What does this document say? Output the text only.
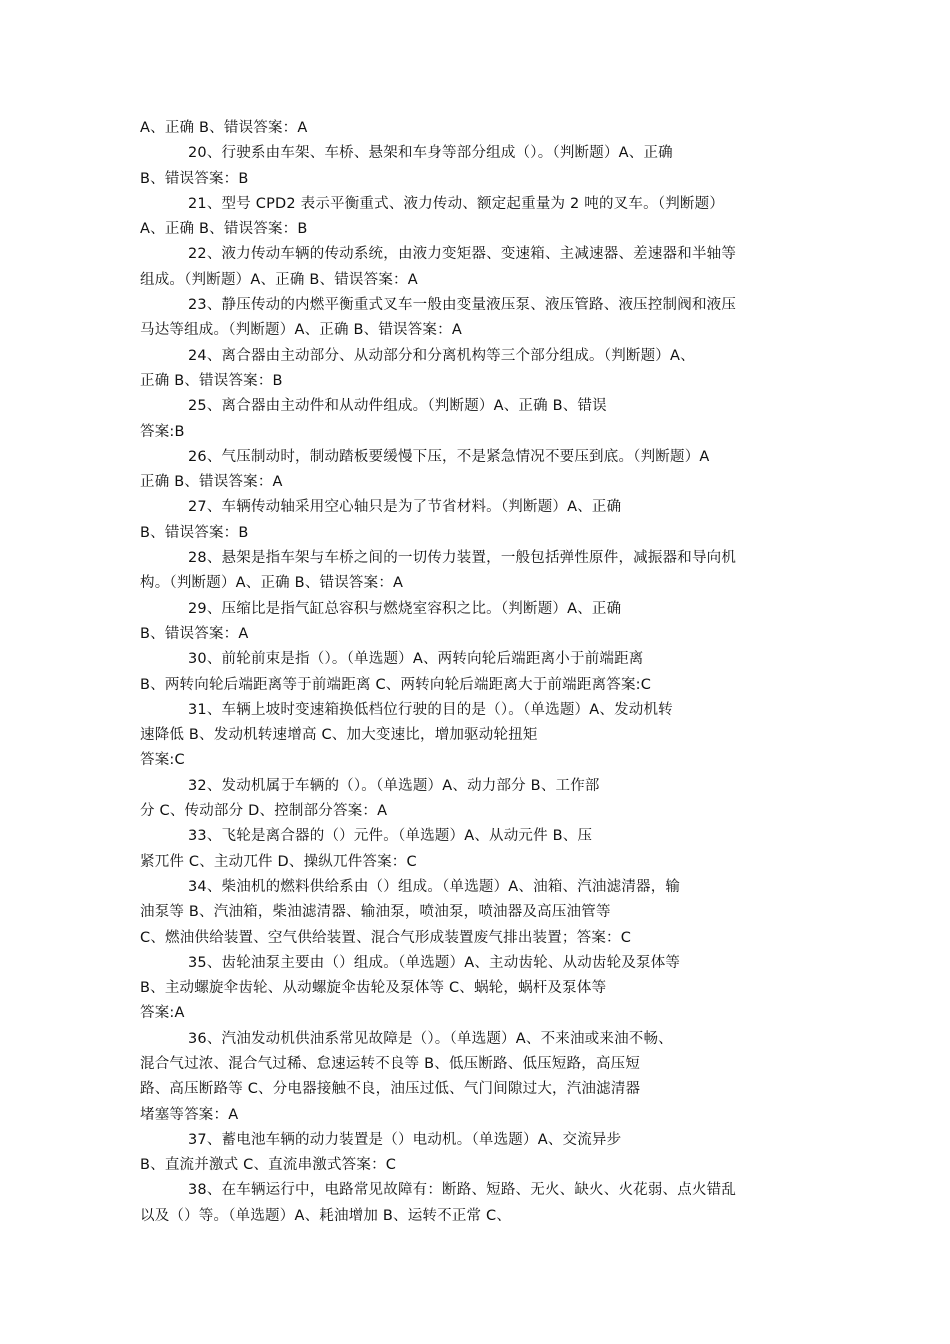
A、正确 B、错误答案：A
20、行驶系由车架、车桥、悬架和车身等部分组成（）。（判断题）A、正确
B、错误答案：B
21、型号 CPD2 表示平衡重式、液力传动、额定起重量为 2 吨的叉车。（判断题）
A、正确 B、错误答案：B
22、液力传动车辆的传动系统，由液力变矩器、变速箱、主减速器、差速器和半轴等
组成。（判断题）A、正确 B、错误答案：A
23、静压传动的内燃平衡重式叉车一般由变量液压泵、液压管路、液压控制阀和液压
马达等组成。（判断题）A、正确 B、错误答案：A
24、离合器由主动部分、从动部分和分离机构等三个部分组成。（判断题）A、
正确 B、错误答案：B
25、离合器由主动件和从动件组成。（判断题）A、正确 B、错误
答案:B
26、气压制动时，制动踏板要缓慢下压，不是紧急情况不要压到底。（判断题）A
正确 B、错误答案：A
27、车辆传动轴采用空心轴只是为了节省材料。（判断题）A、正确
B、错误答案：B
28、悬架是指车架与车桥之间的一切传力装置，一般包括弹性原件，减振器和导向机
构。（判断题）A、正确 B、错误答案：A
29、压缩比是指气缸总容积与燃烧室容积之比。（判断题）A、正确
B、错误答案：A
30、前轮前束是指（）。（单选题）A、两转向轮后端距离小于前端距离
B、两转向轮后端距离等于前端距离 C、两转向轮后端距离大于前端距离答案:C
31、车辆上坡时变速箱换低档位行驶的目的是（）。（单选题）A、发动机转
速降低 B、发动机转速增高 C、加大变速比，增加驱动轮扭矩
答案:C
32、发动机属于车辆的（）。（单选题）A、动力部分 B、工作部
分 C、传动部分 D、控制部分答案：A
33、飞轮是离合器的（）元件。（单选题）A、从动元件 B、压
紧兀件 C、主动兀件 D、操纵兀件答案：C
34、柴油机的燃料供给系由（）组成。（单选题）A、油箱、汽油滤清器，输
油泵等 B、汽油箱，柴油滤清器、输油泵，喷油泵，喷油器及高压油管等
C、燃油供给装置、空气供给装置、混合气形成装置废气排出装置；答案：C
35、齿轮油泵主要由（）组成。（单选题）A、主动齿轮、从动齿轮及泵体等
B、主动螺旋伞齿轮、从动螺旋伞齿轮及泵体等 C、蜗轮，蜗杆及泵体等
答案:A
36、汽油发动机供油系常见故障是（）。（单选题）A、不来油或来油不畅、
混合气过浓、混合气过稀、怠速运转不良等 B、低压断路、低压短路，高压短
路、高压断路等 C、分电器接触不良，油压过低、气门间隙过大，汽油滤清器
堵塞等答案：A
37、蓄电池车辆的动力装置是（）电动机。（单选题）A、交流异步
B、直流并激式 C、直流串激式答案：C
38、在车辆运行中，电路常见故障有：断路、短路、无火、缺火、火花弱、点火错乱
以及（）等。（单选题）A、耗油增加 B、运转不正常 C、
